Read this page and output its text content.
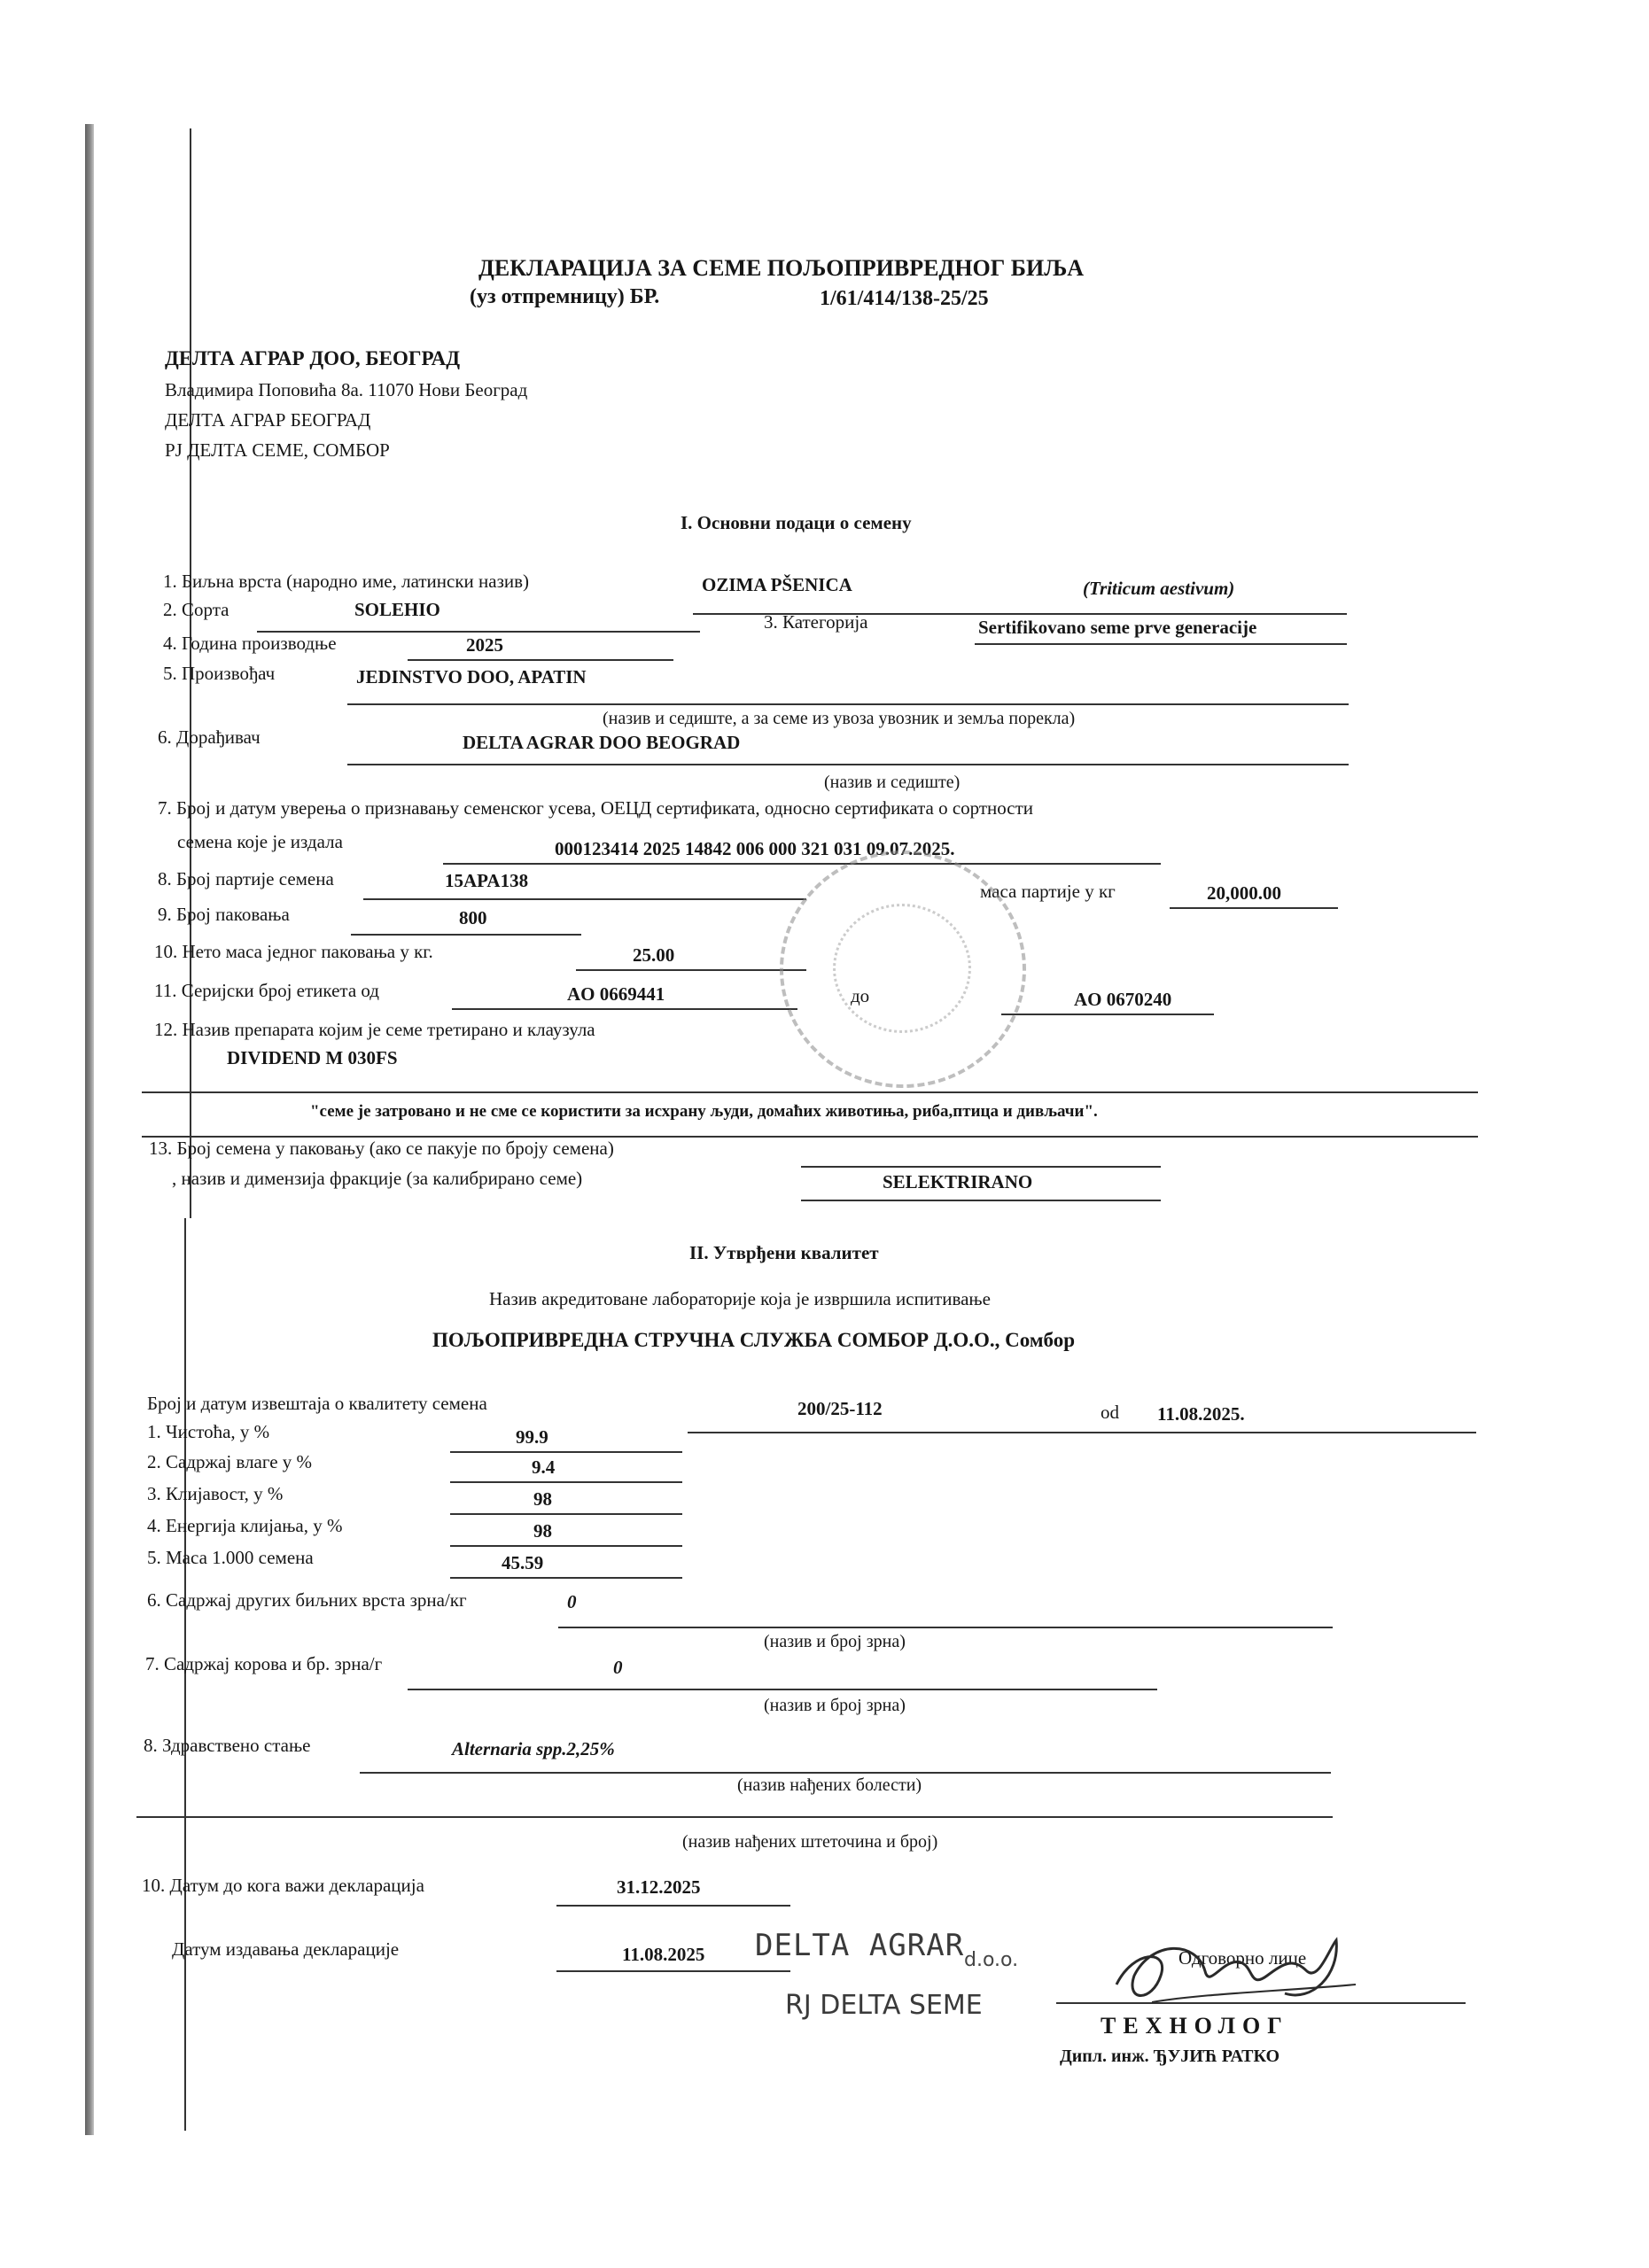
ДЕКЛАРАЦИЈА ЗА СЕМЕ ПОЉОПРИВРЕДНОГ БИЉА
(уз отпремницу) БР.	1/61/414/138-25/25
ДЕЛТА АГРАР ДОО, БЕОГРАД
Владимира Поповића 8а. 11070 Нови Београд
ДЕЛТА АГРАР БЕОГРАД
РЈ ДЕЛТА СЕМЕ, СОМБОР
I. Основни подаци о семену
1. Биљна врста (народно име, латински назив)	OZIMA PŠENICA	(Triticum aestivum)
2. Сорта	SOLEHIO
3. Категорија	Sertifikovano seme prve generacije
4. Година производње	2025
5. Произвођач	JEDINSTVO DOO, APATIN
(назив и седиште, а за семе из увоза увозник и земља порекла)
6. Дорађивач	DELTA AGRAR DOO BEOGRAD
(назив и седиште)
7. Број и датум уверења о признавању семенског усева, ОЕЦД сертификата, односно сертификата о сортности
семена које је издала	000123414 2025 14842 006 000 321 031 09.07.2025.
8. Број партије семена	15APA138	маса партије у кг	20,000.00
9. Број паковања	800
10. Нето маса једног паковања у кг.	25.00
11. Серијски број етикета од	AO 0669441	до	AO 0670240
12. Назив препарата којим је семе третирано и клаузула
DIVIDEND M 030FS
"семе је затровано и не сме се користити за исхрану људи, домаћих животиња, риба,птица и дивљачи".
13. Број семена у паковању (ако се пакује по броју семена)
, назив и димензија фракције (за калибрирано семе)	SELEKTRIRANO
II. Утврђени квалитет
Назив акредитоване лабораторије која је извршила испитивање
ПОЉОПРИВРЕДНА СТРУЧНА СЛУЖБА СОМБОР Д.О.О., Сомбор
Број и датум извештаја о квалитету семена	200/25-112	od 11.08.2025.
1. Чистоћа, у %	99.9
2. Садржај влаге у %	9.4
3. Клијавост, у %	98
4. Енергија клијања, у %	98
5. Маса 1.000 семена	45.59
6. Садржај других биљних врста зрна/кг	0
(назив и број зрна)
7. Садржај корова и бр. зрна/г	0
(назив и број зрна)
8. Здравствено стање	Alternaria spp.2,25%
(назив нађених болести)
(назив нађених штеточина и број)
10. Датум до кога важи декларација	31.12.2025
Датум издавања декларације	11.08.2025 DELTA AGRAR d.o.o.
RJ DELTA SEME
Одговорно лице
ТЕХНОЛОГ
Дипл. инж. ЂУЈИЋ РАТКО
